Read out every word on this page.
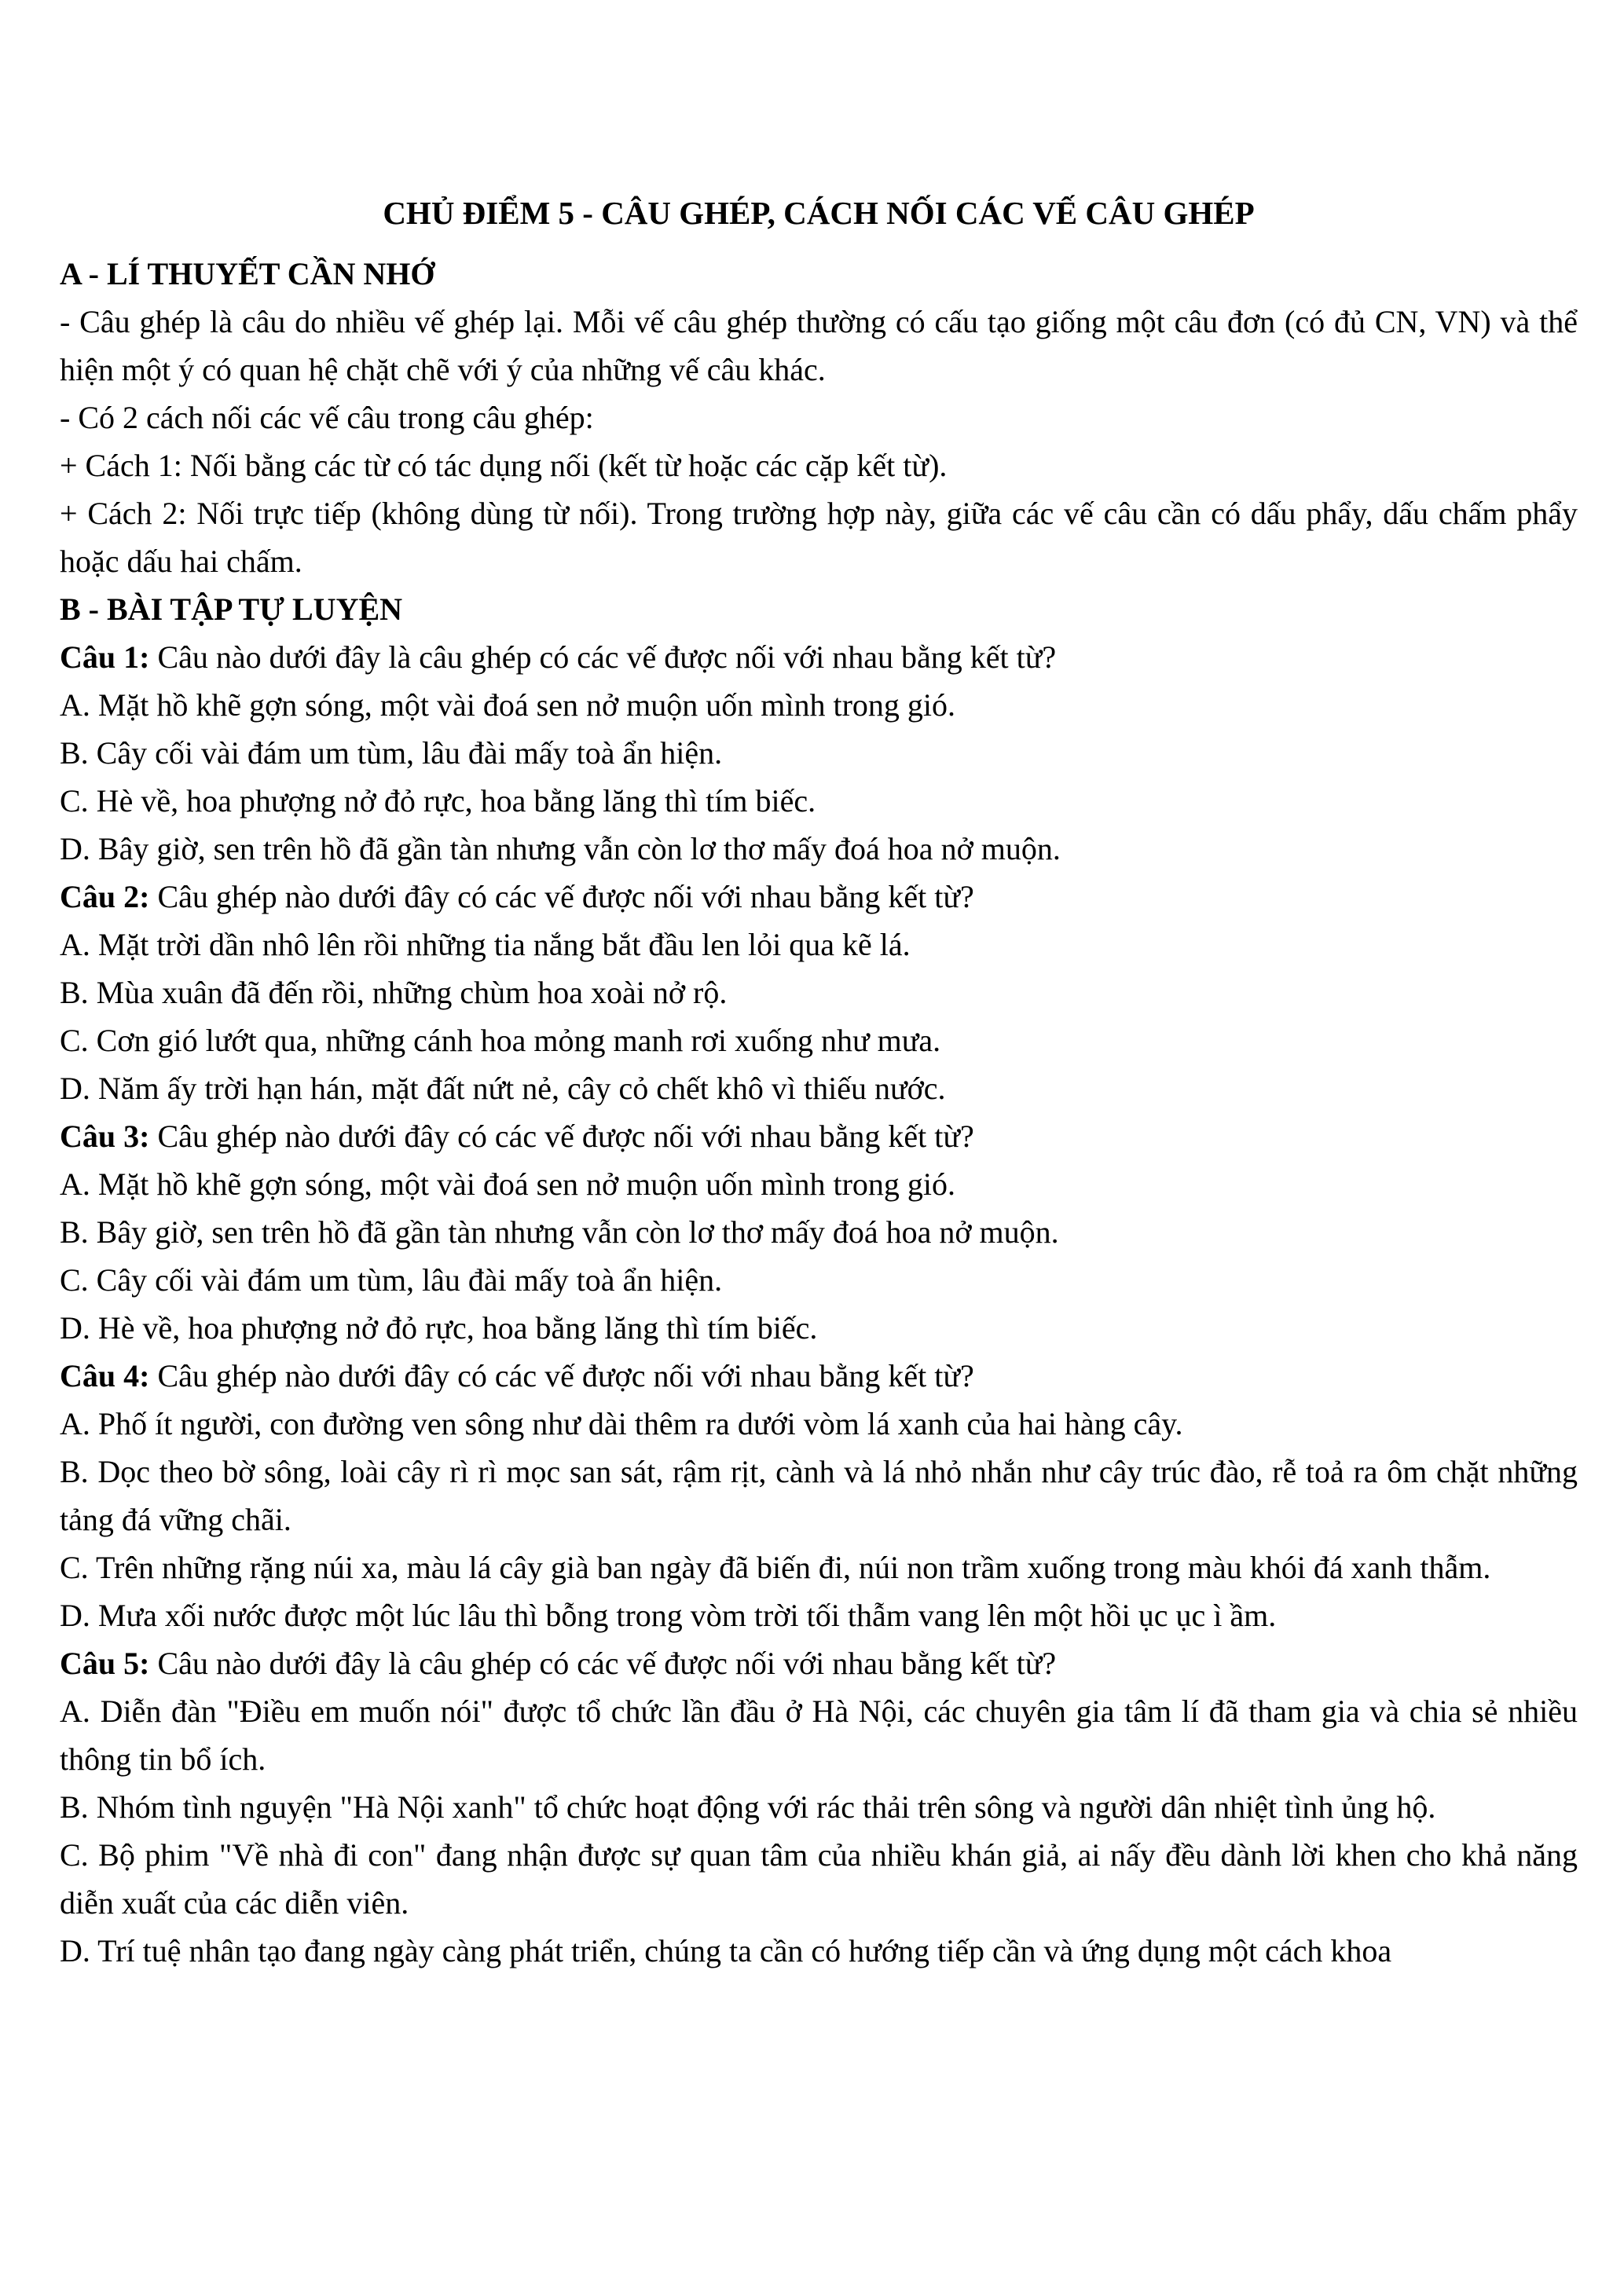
CHỦ ĐIỂM 5 - CÂU GHÉP, CÁCH NỐI CÁC VẾ CÂU GHÉP

A - LÍ THUYẾT CẦN NHỚ

- Câu ghép là câu do nhiều vế ghép lại. Mỗi vế câu ghép thường có cấu tạo giống một câu đơn (có đủ CN, VN) và thể hiện một ý có quan hệ chặt chẽ với ý của những vế câu khác.

- Có 2 cách nối các vế câu trong câu ghép:

+ Cách 1: Nối bằng các từ có tác dụng nối (kết từ hoặc các cặp kết từ).

+ Cách 2: Nối trực tiếp (không dùng từ nối). Trong trường hợp này, giữa các vế câu cần có dấu phẩy, dấu chấm phẩy hoặc dấu hai chấm.

B - BÀI TẬP TỰ LUYỆN

Câu 1: Câu nào dưới đây là câu ghép có các vế được nối với nhau bằng kết từ?

A. Mặt hồ khẽ gợn sóng, một vài đoá sen nở muộn uốn mình trong gió.

B. Cây cối vài đám um tùm, lâu đài mấy toà ẩn hiện.

C. Hè về, hoa phượng nở đỏ rực, hoa bằng lăng thì tím biếc.

D. Bây giờ, sen trên hồ đã gần tàn nhưng vẫn còn lơ thơ mấy đoá hoa nở muộn.

Câu 2: Câu ghép nào dưới đây có các vế được nối với nhau bằng kết từ?

A. Mặt trời dần nhô lên rồi những tia nắng bắt đầu len lỏi qua kẽ lá.

B. Mùa xuân đã đến rồi, những chùm hoa xoài nở rộ.

C. Cơn gió lướt qua, những cánh hoa mỏng manh rơi xuống như mưa.

D. Năm ấy trời hạn hán, mặt đất nứt nẻ, cây cỏ chết khô vì thiếu nước.

Câu 3: Câu ghép nào dưới đây có các vế được nối với nhau bằng kết từ?

A. Mặt hồ khẽ gợn sóng, một vài đoá sen nở muộn uốn mình trong gió.

B. Bây giờ, sen trên hồ đã gần tàn nhưng vẫn còn lơ thơ mấy đoá hoa nở muộn.

C. Cây cối vài đám um tùm, lâu đài mấy toà ẩn hiện.

D. Hè về, hoa phượng nở đỏ rực, hoa bằng lăng thì tím biếc.

Câu 4: Câu ghép nào dưới đây có các vế được nối với nhau bằng kết từ?

A. Phố ít người, con đường ven sông như dài thêm ra dưới vòm lá xanh của hai hàng cây.

B. Dọc theo bờ sông, loài cây rì rì mọc san sát, rậm rịt, cành và lá nhỏ nhắn như cây trúc đào, rễ toả ra ôm chặt những tảng đá vững chãi.

C. Trên những rặng núi xa, màu lá cây già ban ngày đã biến đi, núi non trầm xuống trong màu khói đá xanh thẫm.

D. Mưa xối nước được một lúc lâu thì bỗng trong vòm trời tối thẫm vang lên một hồi ục ục ì ầm.

Câu 5: Câu nào dưới đây là câu ghép có các vế được nối với nhau bằng kết từ?

A. Diễn đàn "Điều em muốn nói" được tổ chức lần đầu ở Hà Nội, các chuyên gia tâm lí đã tham gia và chia sẻ nhiều thông tin bổ ích.

B. Nhóm tình nguyện "Hà Nội xanh" tổ chức hoạt động với rác thải trên sông và người dân nhiệt tình ủng hộ.

C. Bộ phim "Về nhà đi con" đang nhận được sự quan tâm của nhiều khán giả, ai nấy đều dành lời khen cho khả năng diễn xuất của các diễn viên.

D. Trí tuệ nhân tạo đang ngày càng phát triển, chúng ta cần có hướng tiếp cần và ứng dụng một cách khoa
